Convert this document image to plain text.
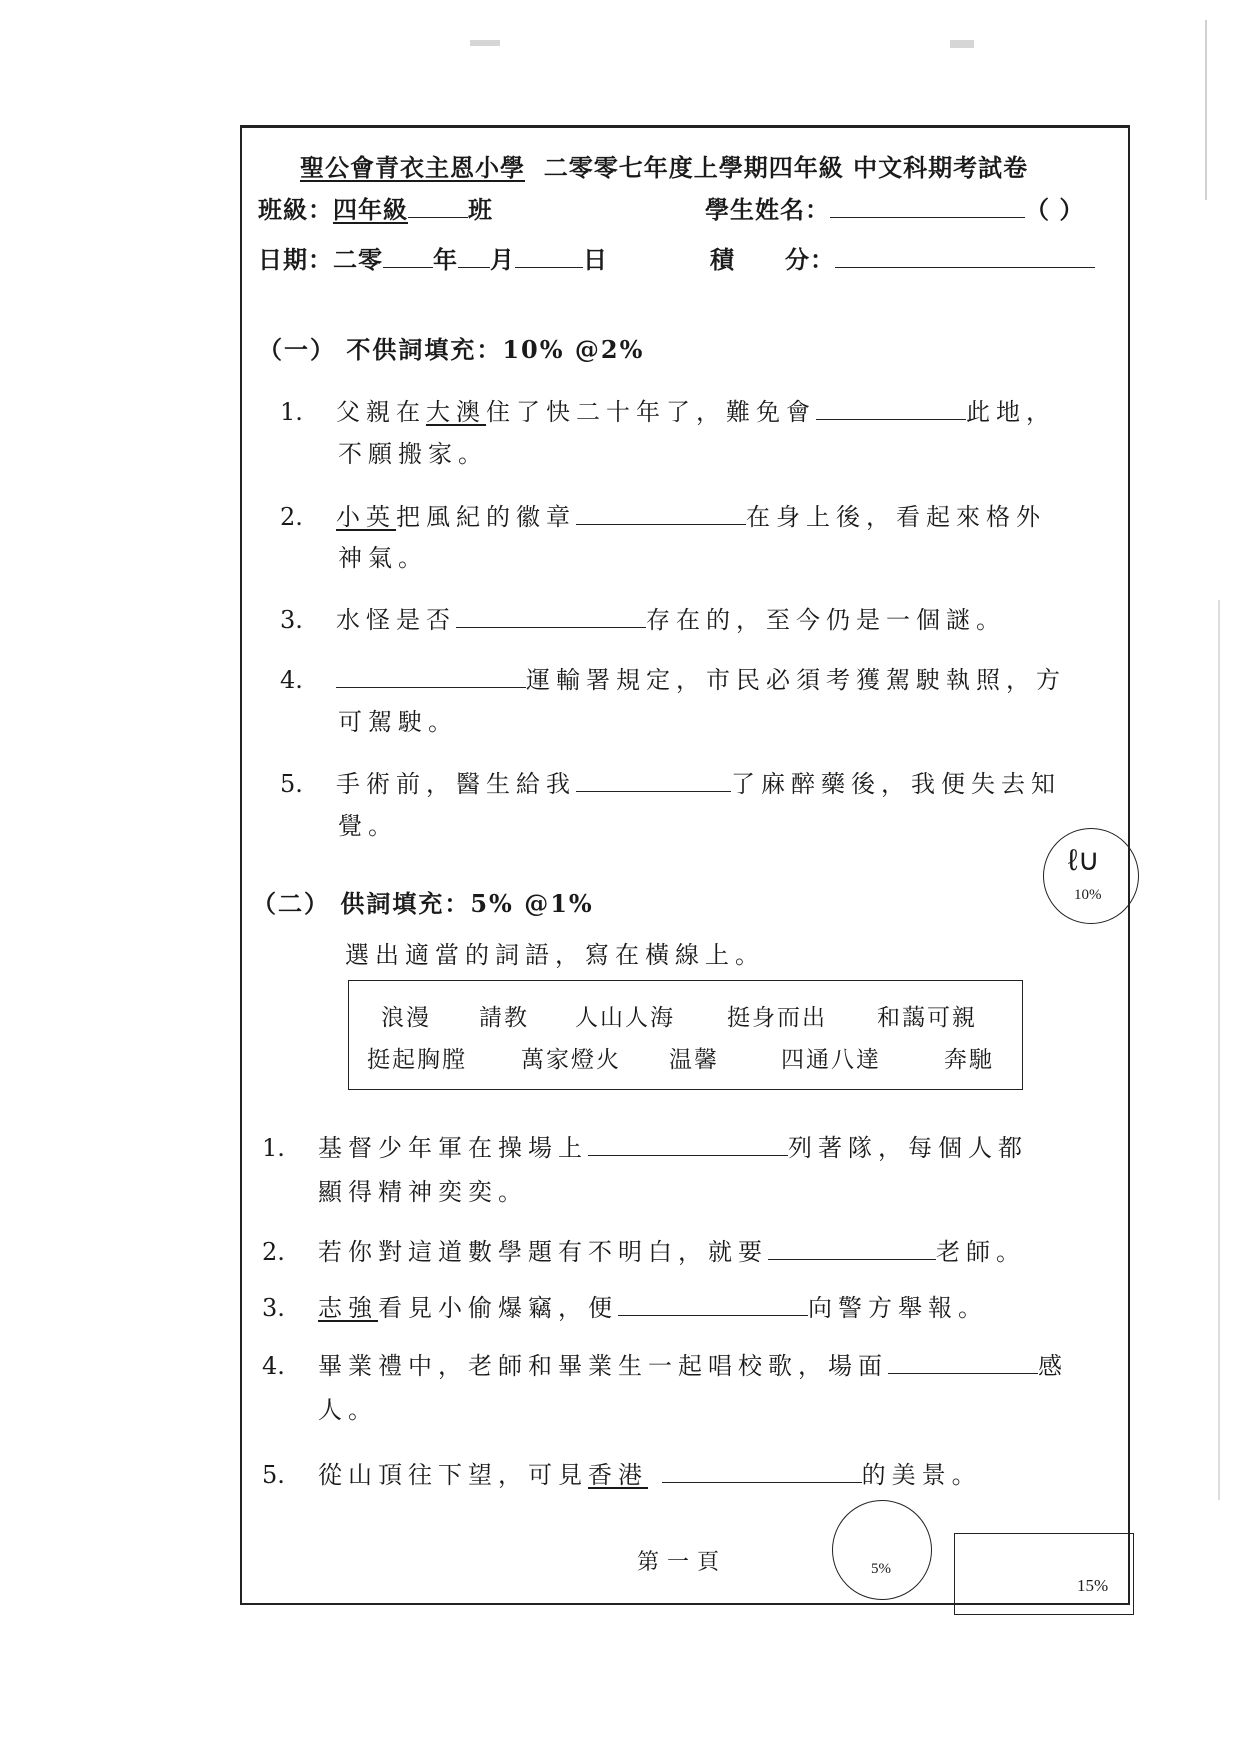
聖公會青衣主恩小學 二零零七年度上學期四年級 中文科期考試卷
班級：四年級	班	學生姓名：	（ ）
日期：二零 年 月	日	積　　分：
（一） 不供詞填充：10% @2%
1. 父親在大澳住了快二十年了，難免會	此地，
不願搬家。
2. 小英把風紀的徽章	在身上後，看起來格外
神氣。
3. 水怪是否	存在的，至今仍是一個謎。
4.	運輸署規定，市民必須考獲駕駛執照，方
可駕駛。
5. 手術前，醫生給我	了麻醉藥後，我便失去知
覺。
ℓ∪
10%
（二） 供詞填充：5% @1%
選出適當的詞語，寫在橫線上。
浪漫 請教 人山人海 挺身而出 和藹可親
挺起胸膛 萬家燈火 温馨	四通八達	奔馳
1. 基督少年軍在操場上	列著隊，每個人都
顯得精神奕奕。
2. 若你對這道數學題有不明白，就要	老師。
3. 志強看見小偷爆竊，便	向警方舉報。
4. 畢業禮中，老師和畢業生一起唱校歌，場面	感
人。
5. 從山頂往下望，可見香港	的美景。
第一頁	5%
15%
